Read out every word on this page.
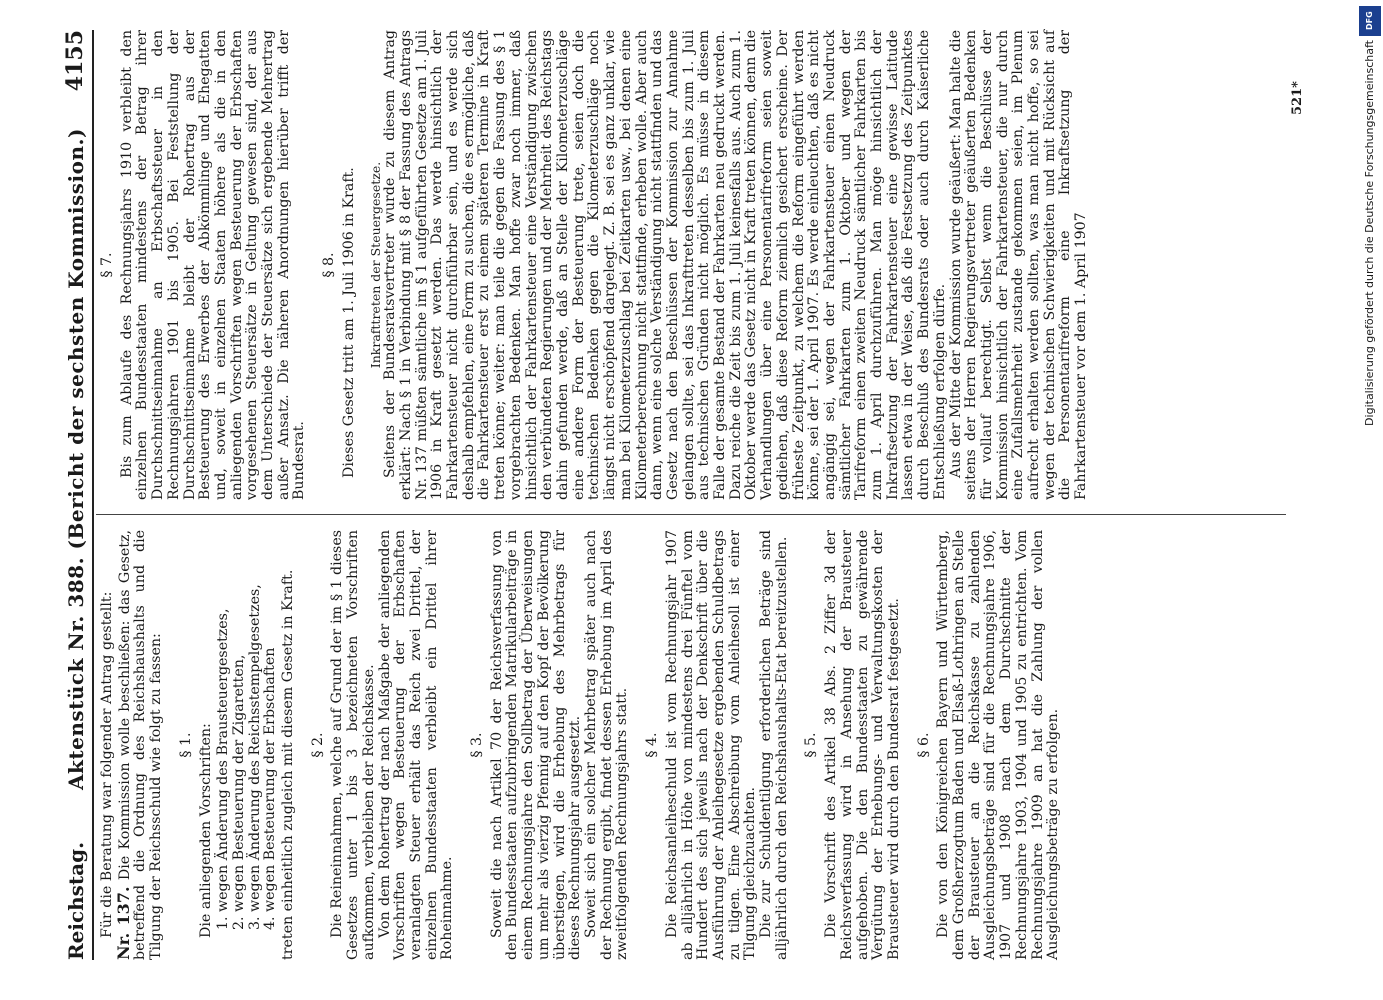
Reichstag.
Aktenstück Nr. 388. (Bericht der sechsten Kommission.)
4155

Für die Beratung war folgender Antrag gestellt:

Nr. 137. Die Kommission wolle beschließen: das Gesetz, betreffend die Ordnung des Reichshaushalts und die Tilgung der Reichsschuld wie folgt zu fassen: § 1. Die anliegenden Vorschriften: 1. wegen Änderung des Brausteuergesetzes, 2. wegen Besteuerung der Zigaretten, 3. wegen Änderung des Reichsstempelgesetzes, 4. wegen Besteuerung der Erbschaften treten einheitlich zugleich mit diesem Gesetz in Kraft. § 2. Die Reineinnahmen, welche auf Grund der im § 1 dieses Gesetzes unter 1 bis 3 bezeichneten Vorschriften aufkommen, verbleiben der Reichskasse. Von dem Rohertrag der nach Maßgabe der anliegenden Vorschriften wegen Besteuerung der Erbschaften veranlagten Steuer erhält das Reich zwei Drittel, der einzelnen Bundesstaaten verbleibt ein Drittel ihrer Roheinnahme.

§ 3. Soweit die nach Artikel 70 der Reichsverfassung von den Bundesstaaten aufzubringenden Matrikularbeiträge in einem Rechnungsjahre den Sollbetrag der Überweisungen um mehr als vierzig Pfennig auf den Kopf der Bevölkerung überstiegen, wird die Erhebung des Mehrbetrags für dieses Rechnungsjahr ausgesetzt. Soweit sich ein solcher Mehrbetrag später auch nach der Rechnung ergibt, findet dessen Erhebung im April des zweitfolgenden Rechnungsjahrs statt. § 4. Die Reichsanleiheschuld ist vom Rechnungsjahr 1907 ab alljährlich in Höhe von mindestens drei Fünftel vom Hundert des sich jeweils nach der Denkschrift über die Ausführung der Anleihegesetze ergebenden Schuldbetrags zu tilgen. Eine Abschreibung vom Anleihesoll ist einer Tilgung gleichzuachten. Die zur Schuldentilgung erforderlichen Beträge sind alljährlich durch den Reichshaushalts-Etat bereitzustellen. § 5. Die Vorschrift des Artikel 38 Abs. 2 Ziffer 3d der Reichsverfassung wird in Ansehung der Brausteuer aufgehoben. Die den Bundesstaaten zu gewährende Vergütung der Erhebungs- und Verwaltungskosten der Brausteuer wird durch den Bundesrat festgesetzt. § 6. Die von den Königreichen Bayern und Württemberg, dem Großherzogtum Baden und Elsaß-Lothringen an Stelle der Brausteuer an die Reichskasse zu zahlenden Ausgleichungsbeträge sind für die Rechnungsjahre 1906, 1907 und 1908 nach dem Durchschnitte der Rechnungsjahre 1903, 1904 und 1905 zu entrichten. Vom Rechnungsjahre 1909 an hat die Zahlung der vollen Ausgleichungsbeträge zu erfolgen.

§ 7. Bis zum Ablaufe des Rechnungsjahrs 1910 verbleibt den einzelnen Bundesstaaten mindestens der Betrag ihrer Durchschnittseinnahme an Erbschaftssteuer in den Rechnungsjahren 1901 bis 1905. Bei Feststellung der Durchschnittseinnahme bleibt der Rohertrag aus der Besteuerung des Erwerbes der Abkömmlinge und Ehegatten und, soweit in einzelnen Staaten höhere als die in den anliegenden Vorschriften wegen Besteuerung der Erbschaften vorgesehenen Steuersätze in Geltung gewesen sind, der aus dem Unterschiede der Steuersätze sich ergebende Mehrertrag außer Ansatz. Die näheren Anordnungen hierüber trifft der Bundesrat.

§ 8. Dieses Gesetz tritt am 1. Juli 1906 in Kraft. Inkrafttreten der Steuergesetze. Seitens der Bundesratsvertreter wurde zu diesem Antrag erklärt: Nach § 1 in Verbindung mit § 8 der Fassung des Antrags Nr. 137 müßten sämtliche im § 1 aufgeführten Gesetze am 1. Juli 1906 in Kraft gesetzt werden. Das werde hinsichtlich der Fahrkartensteuer nicht durchführbar sein, und es werde sich deshalb empfehlen, eine Form zu suchen, die es ermögliche, daß die Fahrkartensteuer erst zu einem späteren Termine in Kraft treten könne; weiter: man teile die gegen die Fassung des § 1 vorgebrachten Bedenken. Man hoffe zwar noch immer, daß hinsichtlich der Fahrkartensteuer eine Verständigung zwischen den verbündeten Regierungen und der Mehrheit des Reichstags dahin gefunden werde, daß an Stelle der Kilometerzuschläge eine andere Form der Besteuerung trete, seien doch die technischen Bedenken gegen die Kilometerzuschläge noch längst nicht erschöpfend dargelegt. Z. B. sei es ganz unklar, wie man bei Kilometerzuschlag bei Zeitkarten usw., bei denen eine Kilometerberechnung nicht stattfinde, erheben wolle. Aber auch dann, wenn eine solche Verständigung nicht stattfinden und das Gesetz nach den Beschlüssen der Kommission zur Annahme gelangen sollte, sei das Inkrafttreten desselben bis zum 1. Juli aus technischen Gründen nicht möglich. Es müsse in diesem Falle der gesamte Bestand der Fahrkarten neu gedruckt werden. Dazu reiche die Zeit bis zum 1. Juli keinesfalls aus. Auch zum 1. Oktober werde das Gesetz nicht in Kraft treten können, denn die Verhandlungen über eine Personentarifreform seien soweit gediehen, daß diese Reform ziemlich gesichert erscheine. Der früheste Zeitpunkt, zu welchem die Reform eingeführt werden könne, sei der 1. April 1907. Es werde einleuchten, daß es nicht angängig sei, wegen der Fahrkartensteuer einen Neudruck sämtlicher Fahrkarten zum 1. Oktober und wegen der Tarifreform einen zweiten Neudruck sämtlicher Fahrkarten bis zum 1. April durchzuführen. Man möge hinsichtlich der Inkraftsetzung der Fahrkartensteuer eine gewisse Latitude lassen etwa in der Weise, daß die Festsetzung des Zeitpunktes durch Beschluß des Bundesrats oder auch durch Kaiserliche Entschließung erfolgen dürfe. Aus der Mitte der Kommission wurde geäußert: Man halte die seitens der Herren Regierungsvertreter geäußerten Bedenken für vollauf berechtigt. Selbst wenn die Beschlüsse der Kommission hinsichtlich der Fahrkartensteuer, die nur durch eine Zufallsmehrheit zustande gekommen seien, im Plenum aufrecht erhalten werden sollten, was man nicht hoffe, so sei wegen der technischen Schwierigkeiten und mit Rücksicht auf die Personentarifreform eine Inkraftsetzung der Fahrkartensteuer vor dem 1. April 1907

521*	Digitalisierung gefördert durch die Deutsche Forschungsgemeinschaft
DFG
